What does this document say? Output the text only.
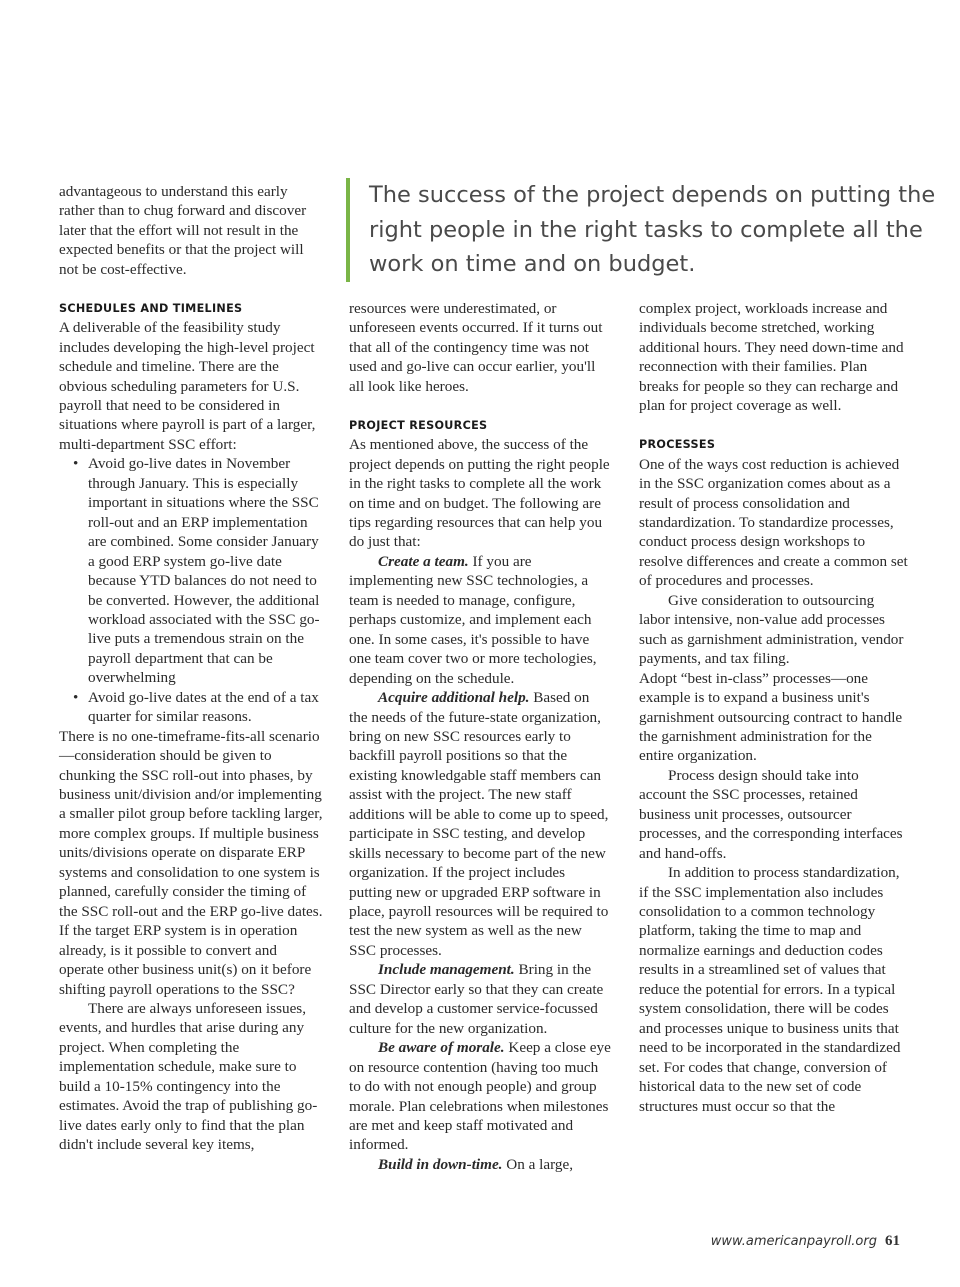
The success of the project depends on putting the right people in the right tasks to complete all the work on time and on budget.

advantageous to understand this early rather than to chug forward and discover later that the effort will not result in the expected benefits or that the project will not be cost-effective.

SCHEDULES AND TIMELINES

A deliverable of the feasibility study includes developing the high-level project schedule and timeline. There are the obvious scheduling parameters for U.S. payroll that need to be considered in situations where payroll is part of a larger, multi-department SSC effort:

• Avoid go-live dates in November through January. This is especially important in situations where the SSC roll-out and an ERP implementation are combined. Some consider January a good ERP system go-live date because YTD balances do not need to be converted. However, the additional workload associated with the SSC go-live puts a tremendous strain on the payroll department that can be overwhelming
• Avoid go-live dates at the end of a tax quarter for similar reasons.

There is no one-timeframe-fits-all scenario—consideration should be given to chunking the SSC roll-out into phases, by business unit/division and/or implementing a smaller pilot group before tackling larger, more complex groups. If multiple business units/divisions operate on disparate ERP systems and consolidation to one system is planned, carefully consider the timing of the SSC roll-out and the ERP go-live dates. If the target ERP system is in operation already, is it possible to convert and operate other business unit(s) on it before shifting payroll operations to the SSC?

There are always unforeseen issues, events, and hurdles that arise during any project. When completing the implementation schedule, make sure to build a 10-15% contingency into the estimates. Avoid the trap of publishing go-live dates early only to find that the plan didn't include several key items,

resources were underestimated, or unforeseen events occurred. If it turns out that all of the contingency time was not used and go-live can occur earlier, you'll all look like heroes.

PROJECT RESOURCES

As mentioned above, the success of the project depends on putting the right people in the right tasks to complete all the work on time and on budget. The following are tips regarding resources that can help you do just that:

Create a team. If you are implementing new SSC technologies, a team is needed to manage, configure, perhaps customize, and implement each one. In some cases, it's possible to have one team cover two or more techologies, depending on the schedule.

Acquire additional help. Based on the needs of the future-state organization, bring on new SSC resources early to backfill payroll positions so that the existing knowledgable staff members can assist with the project. The new staff additions will be able to come up to speed, participate in SSC testing, and develop skills necessary to become part of the new organization. If the project includes putting new or upgraded ERP software in place, payroll resources will be required to test the new system as well as the new SSC processes.

Include management. Bring in the SSC Director early so that they can create and develop a customer service-focussed culture for the new organization.

Be aware of morale. Keep a close eye on resource contention (having too much to do with not enough people) and group morale. Plan celebrations when milestones are met and keep staff motivated and informed.

Build in down-time. On a large,

complex project, workloads increase and individuals become stretched, working additional hours. They need down-time and reconnection with their families. Plan breaks for people so they can recharge and plan for project coverage as well.

PROCESSES

One of the ways cost reduction is achieved in the SSC organization comes about as a result of process consolidation and standardization. To standardize processes, conduct process design workshops to resolve differences and create a common set of procedures and processes.

Give consideration to outsourcing labor intensive, non-value add processes such as garnishment administration, vendor payments, and tax filing.

Adopt “best in-class” processes—one example is to expand a business unit's garnishment outsourcing contract to handle the garnishment administration for the entire organization.

Process design should take into account the SSC processes, retained business unit processes, outsourcer processes, and the corresponding interfaces and hand-offs.

In addition to process standardization, if the SSC implementation also includes consolidation to a common technology platform, taking the time to map and normalize earnings and deduction codes results in a streamlined set of values that reduce the potential for errors. In a typical system consolidation, there will be codes and processes unique to business units that need to be incorporated in the standardized set. For codes that change, conversion of historical data to the new set of code structures must occur so that the

www.americanpayroll.org 61
